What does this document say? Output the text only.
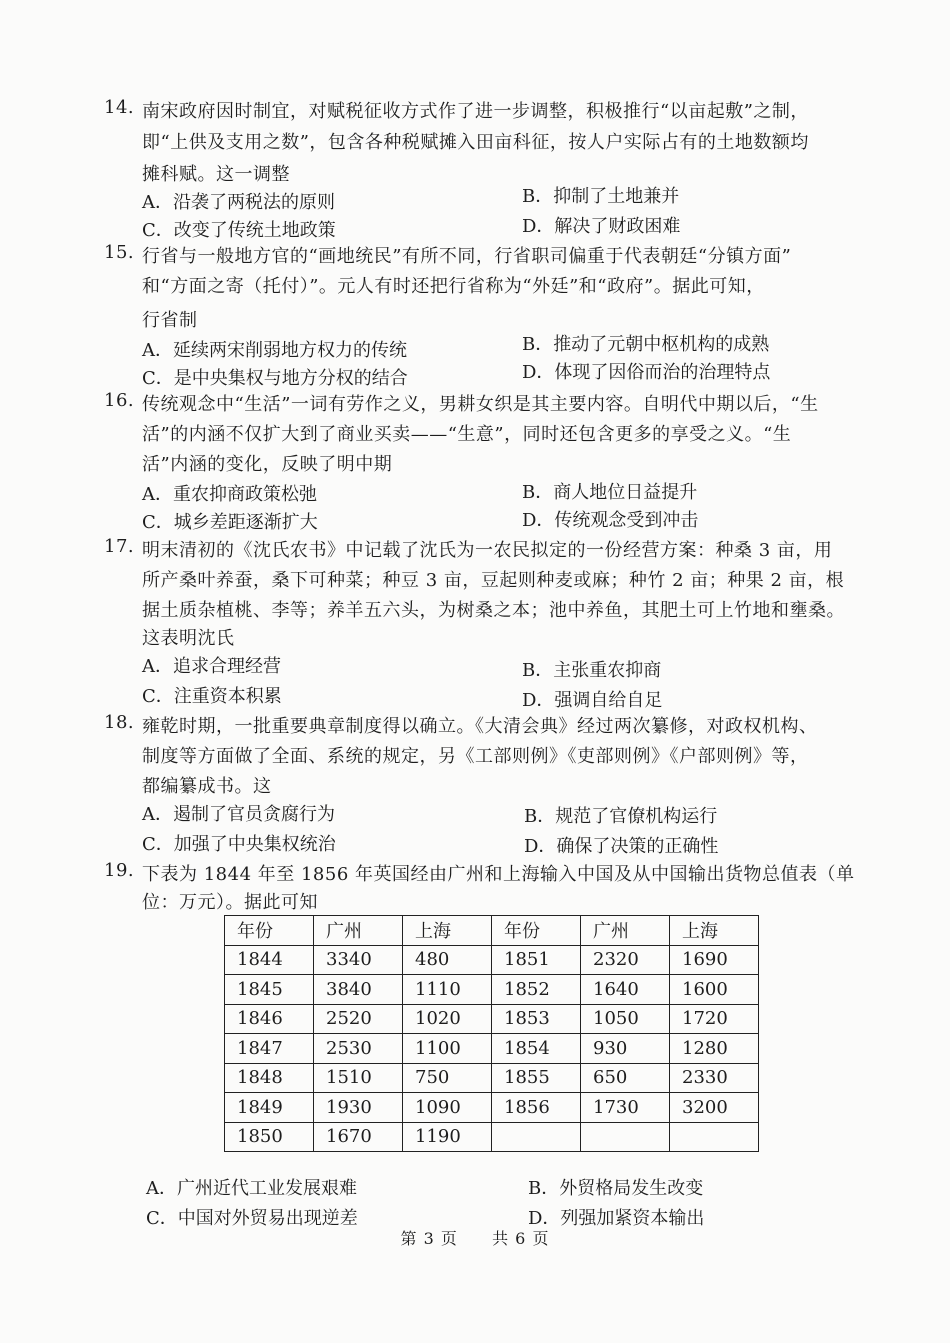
14. 南宋政府因时制宜，对赋税征收方式作了进一步调整，积极推行“以亩起敷”之制，
即“上供及支用之数”，包含各种税赋摊入田亩科征，按人户实际占有的土地数额均
摊科赋。这一调整
A．沿袭了两税法的原则	B．抑制了土地兼并
C．改变了传统土地政策	D．解决了财政困难
15. 行省与一般地方官的“画地统民”有所不同，行省职司偏重于代表朝廷“分镇方面”
和“方面之寄（托付）”。元人有时还把行省称为“外廷”和“政府”。据此可知，
行省制
A．延续两宋削弱地方权力的传统	B．推动了元朝中枢机构的成熟
C．是中央集权与地方分权的结合	D．体现了因俗而治的治理特点
16. 传统观念中“生活”一词有劳作之义，男耕女织是其主要内容。自明代中期以后，“生
活”的内涵不仅扩大到了商业买卖——“生意”，同时还包含更多的享受之义。“生
活”内涵的变化，反映了明中期
A．重农抑商政策松弛	B．商人地位日益提升
C．城乡差距逐渐扩大	D．传统观念受到冲击
17. 明末清初的《沈氏农书》中记载了沈氏为一农民拟定的一份经营方案：种桑 3 亩，用
所产桑叶养蚕，桑下可种菜；种豆 3 亩，豆起则种麦或麻；种竹 2 亩；种果 2 亩，根
据土质杂植桃、李等；养羊五六头，为树桑之本；池中养鱼，其肥土可上竹地和壅桑。
这表明沈氏
A．追求合理经营	B．主张重农抑商
C．注重资本积累	D．强调自给自足
18. 雍乾时期，一批重要典章制度得以确立。《大清会典》经过两次纂修，对政权机构、
制度等方面做了全面、系统的规定，另《工部则例》《吏部则例》《户部则例》等，
都编纂成书。这
A．遏制了官员贪腐行为	B．规范了官僚机构运行
C．加强了中央集权统治	D．确保了决策的正确性
19. 下表为 1844 年至 1856 年英国经由广州和上海输入中国及从中国输出货物总值表（单
位：万元）。据此可知
年份	广州	上海	年份	广州	上海
1844	3340	480	1851	2320	1690
1845	3840	1110	1852	1640	1600
1846	2520	1020	1853	1050	1720
1847	2530	1100	1854	930	1280
1848	1510	750	1855	650	2330
1849	1930	1090	1856	1730	3200
1850	1670	1190			
A．广州近代工业发展艰难	B．外贸格局发生改变
C．中国对外贸易出现逆差	D．列强加紧资本输出
第 3 页 共 6 页
